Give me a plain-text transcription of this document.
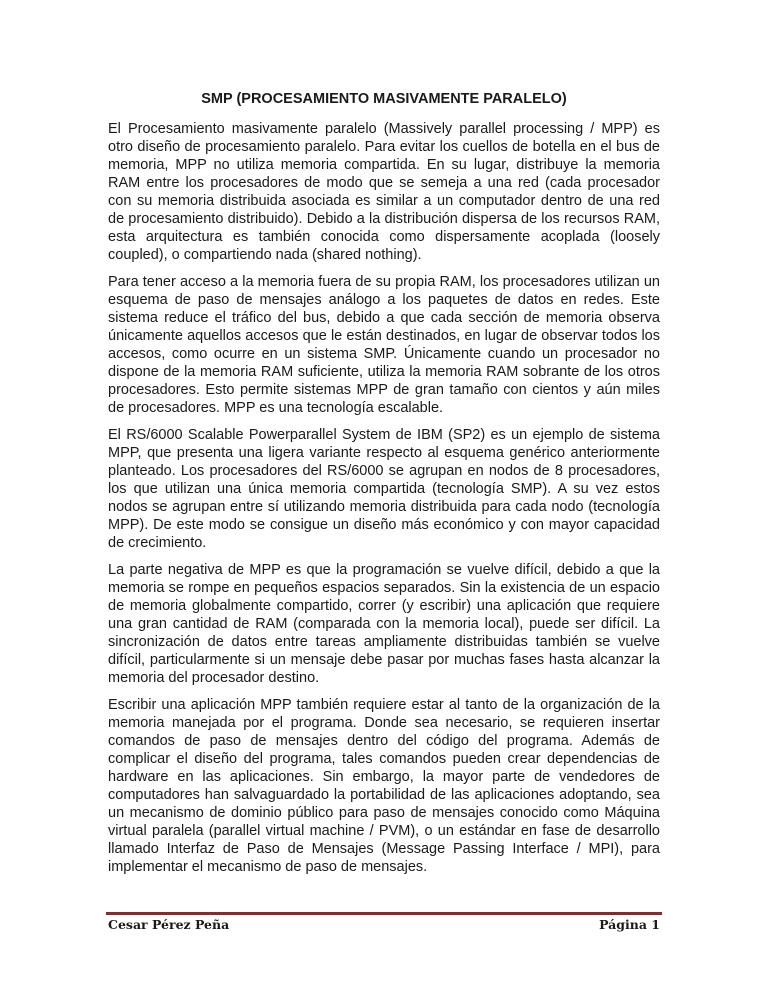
SMP (PROCESAMIENTO MASIVAMENTE PARALELO)

El Procesamiento masivamente paralelo (Massively parallel processing / MPP) es otro diseño de procesamiento paralelo. Para evitar los cuellos de botella en el bus de memoria, MPP no utiliza memoria compartida. En su lugar, distribuye la memoria RAM entre los procesadores de modo que se semeja a una red (cada procesador con su memoria distribuida asociada es similar a un computador dentro de una red de procesamiento distribuido). Debido a la distribución dispersa de los recursos RAM, esta arquitectura es también conocida como dispersamente acoplada (loosely coupled), o compartiendo nada (shared nothing).

Para tener acceso a la memoria fuera de su propia RAM, los procesadores utilizan un esquema de paso de mensajes análogo a los paquetes de datos en redes. Este sistema reduce el tráfico del bus, debido a que cada sección de memoria observa únicamente aquellos accesos que le están destinados, en lugar de observar todos los accesos, como ocurre en un sistema SMP. Únicamente cuando un procesador no dispone de la memoria RAM suficiente, utiliza la memoria RAM sobrante de los otros procesadores. Esto permite sistemas MPP de gran tamaño con cientos y aún miles de procesadores. MPP es una tecnología escalable.

El RS/6000 Scalable Powerparallel System de IBM (SP2) es un ejemplo de sistema MPP, que presenta una ligera variante respecto al esquema genérico anteriormente planteado. Los procesadores del RS/6000 se agrupan en nodos de 8 procesadores, los que utilizan una única memoria compartida (tecnología SMP). A su vez estos nodos se agrupan entre sí utilizando memoria distribuida para cada nodo (tecnología MPP). De este modo se consigue un diseño más económico y con mayor capacidad de crecimiento.

La parte negativa de MPP es que la programación se vuelve difícil, debido a que la memoria se rompe en pequeños espacios separados. Sin la existencia de un espacio de memoria globalmente compartido, correr (y escribir) una aplicación que requiere una gran cantidad de RAM (comparada con la memoria local), puede ser difícil. La sincronización de datos entre tareas ampliamente distribuidas también se vuelve difícil, particularmente si un mensaje debe pasar por muchas fases hasta alcanzar la memoria del procesador destino.

Escribir una aplicación MPP también requiere estar al tanto de la organización de la memoria manejada por el programa. Donde sea necesario, se requieren insertar comandos de paso de mensajes dentro del código del programa. Además de complicar el diseño del programa, tales comandos pueden crear dependencias de hardware en las aplicaciones. Sin embargo, la mayor parte de vendedores de computadores han salvaguardado la portabilidad de las aplicaciones adoptando, sea un mecanismo de dominio público para paso de mensajes conocido como Máquina virtual paralela (parallel virtual machine / PVM), o un estándar en fase de desarrollo llamado Interfaz de Paso de Mensajes (Message Passing Interface / MPI), para implementar el mecanismo de paso de mensajes.

Cesar Pérez Peña	Página 1
